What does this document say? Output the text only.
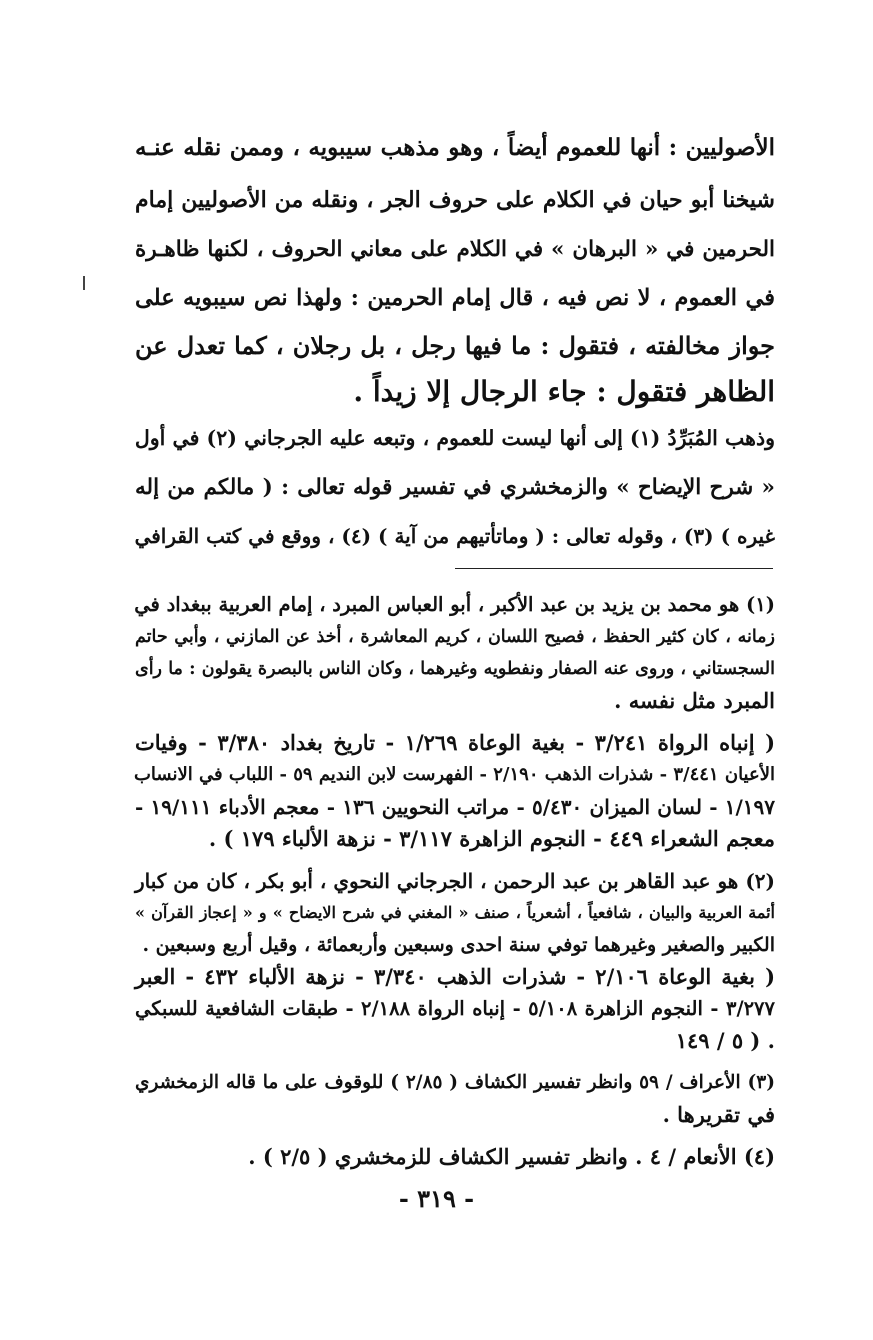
الأصوليين : أنها للعموم أيضاً ، وهو مذهب سيبويه ، وممن نقله عنـه
شيخنا أبو حيان في الكلام على حروف الجر ، ونقله من الأصوليين إمام
الحرمين في « البرهان » في الكلام على معاني الحروف ، لكنها ظاهـرة
في العموم ، لا نص فيه ، قال إمام الحرمين : ولهذا نص سيبويه على
جواز مخالفته ، فتقول : ما فيها رجل ، بل رجلان ، كما تعدل عن
الظاهر فتقول : جاء الرجال إلا زيداً .
وذهب المُبَرِّدُ (١) إلى أنها ليست للعموم ، وتبعه عليه الجرجاني (٢) في أول
« شرح الإيضاح » والزمخشري في تفسير قوله تعالى : ( مالكم من إله
غيره ) (٣) ، وقوله تعالى : ( وماتأتيهم من آية ) (٤) ، ووقع في كتب القرافي
(١) هو محمد بن يزيد بن عبد الأكبر ، أبو العباس المبرد ، إمام العربية ببغداد في
زمانه ، كان كثير الحفظ ، فصيح اللسان ، كريم المعاشرة ، أخذ عن المازني ، وأبي حاتم
السجستاني ، وروى عنه الصفار ونفطويه وغيرهما ، وكان الناس بالبصرة يقولون : ما رأى
المبرد مثل نفسه .
( إنباه الرواة ٣/٢٤١ - بغية الوعاة ١/٢٦٩ - تاريخ بغداد ٣/٣٨٠ - وفيات
الأعيان ٣/٤٤١ - شذرات الذهب ٢/١٩٠ - الفهرست لابن النديم ٥٩ - اللباب في الانساب
١/١٩٧ - لسان الميزان ٥/٤٣٠ - مراتب النحويين ١٣٦ - معجم الأدباء ١٩/١١١ -
معجم الشعراء ٤٤٩ - النجوم الزاهرة ٣/١١٧ - نزهة الألباء ١٧٩ ) .
(٢) هو عبد القاهر بن عبد الرحمن ، الجرجاني النحوي ، أبو بكر ، كان من كبار
أئمة العربية والبيان ، شافعياً ، أشعرياً ، صنف « المغني في شرح الايضاح » و « إعجاز القرآن »
الكبير والصغير وغيرهما توفي سنة احدى وسبعين وأربعمائة ، وقيل أربع وسبعين .
( بغية الوعاة ٢/١٠٦ - شذرات الذهب ٣/٣٤٠ - نزهة الألباء ٤٣٢ - العبر
٣/٢٧٧ - النجوم الزاهرة ٥/١٠٨ - إنباه الرواة ٢/١٨٨ - طبقات الشافعية للسبكي
٥ / ١٤٩ ) .
(٣) الأعراف / ٥٩ وانظر تفسير الكشاف ( ٢/٨٥ ) للوقوف على ما قاله الزمخشري
في تقريرها .
(٤) الأنعام / ٤ . وانظر تفسير الكشاف للزمخشري ( ٢/٥ ) .
- ٣١٩ -
